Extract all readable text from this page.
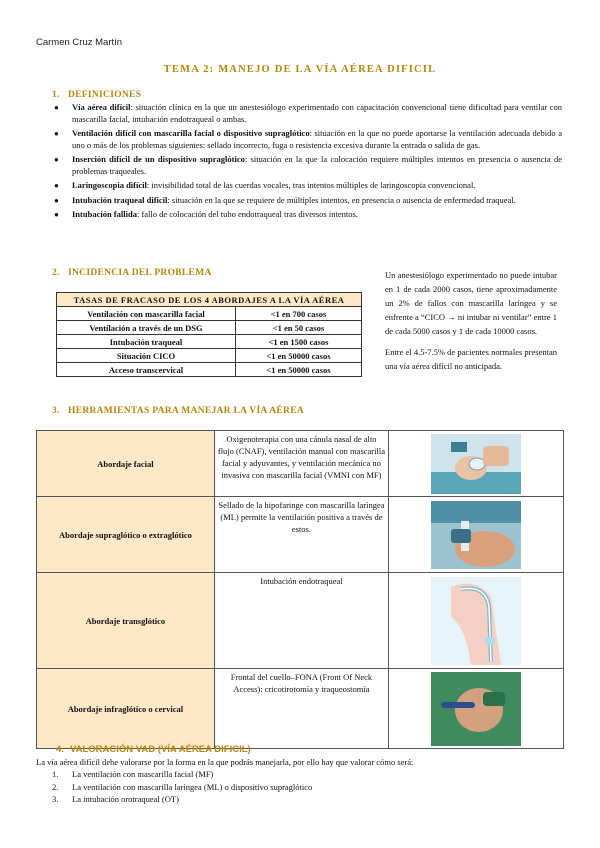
Carmen Cruz Martín
TEMA 2: MANEJO DE LA VÍA AÉREA DIFICIL
1. DEFINICIONES
● Vía aérea difícil: situación clínica en la que un anestesiólogo experimentado con capacitación convencional tiene dificultad para ventilar con mascarilla facial, intubación endotraqueal o ambas.
● Ventilación difícil con mascarilla facial o dispositivo supraglótico: situación en la que no puede aportarse la ventilación adecuada debido a uno o más de los problemas siguientes: sellado incorrecto, fuga o resistencia excesiva durante la entrada o salida de gas.
● Inserción difícil de un dispositivo supraglótico: situación en la que la colocación requiere múltiples intentos en presencia o ausencia de problemas traqueales.
● Laringoscopia difícil: invisibilidad total de las cuerdas vocales, tras intentos múltiples de laringoscopia convencional.
● Intubación traqueal difícil: situación en la que se requiere de múltiples intentos, en presencia o ausencia de enfermedad traqueal.
● Intubación fallida: fallo de colocación del tubo endotraqueal tras diversos intentos.
2. INCIDENCIA DEL PROBLEMA
TASAS DE FRACASO DE LOS 4 ABORDAJES A LA VÍA AÉREA	
Ventilación con mascarilla facial	<1 en 700 casos
Ventilación a través de un DSG	<1 en 50 casos
Intubación traqueal	<1 en 1500 casos
Situación CICO	<1 en 50000 casos
Acceso transcervical	<1 en 50000 casos
Un anestesiólogo experimentado no puede intubar en 1 de cada 2000 casos, tiene aproximadamente un 2% de fallos con mascarilla laríngea y se enfrente a “CICO → ni intubar ni ventilar” entre 1 de cada 5000 casos y 1 de cada 10000 casos.
Entre el 4.5-7.5% de pacientes normales presentan una vía aérea difícil no anticipada.
3. HERRAMIENTAS PARA MANEJAR LA VÍA AÉREA
Abordaje facial	Oxigenoterapia con una cánula nasal de alto flujo (CNAF), ventilación manual con mascarilla facial y adyuvantes, y ventilación mecánica no invasiva con mascarilla facial (VMNI con MF)	

Abordaje supraglótico o extraglótico	Sellado de la hipofaringe con mascarilla laríngea (ML) permite la ventilación positiva a través de estos.	

Abordaje transglótico	Intubación endotraqueal	

Abordaje infraglótico o cervical	Frontal del cuello–FONA (Front Of Neck Access): cricotirotomía y traqueostomía	
4. VALORACIÓN VAD (VÍA AÉREA DIFICIL)
La vía aérea difícil debe valorarse por la forma en la que podrás manejarla, por ello hay que valorar cómo será:
1. La ventilación con mascarilla facial (MF)
2. La ventilación con mascarilla laríngea (ML) o dispositivo supraglótico
3. La intubación orotraqueal (OT)
